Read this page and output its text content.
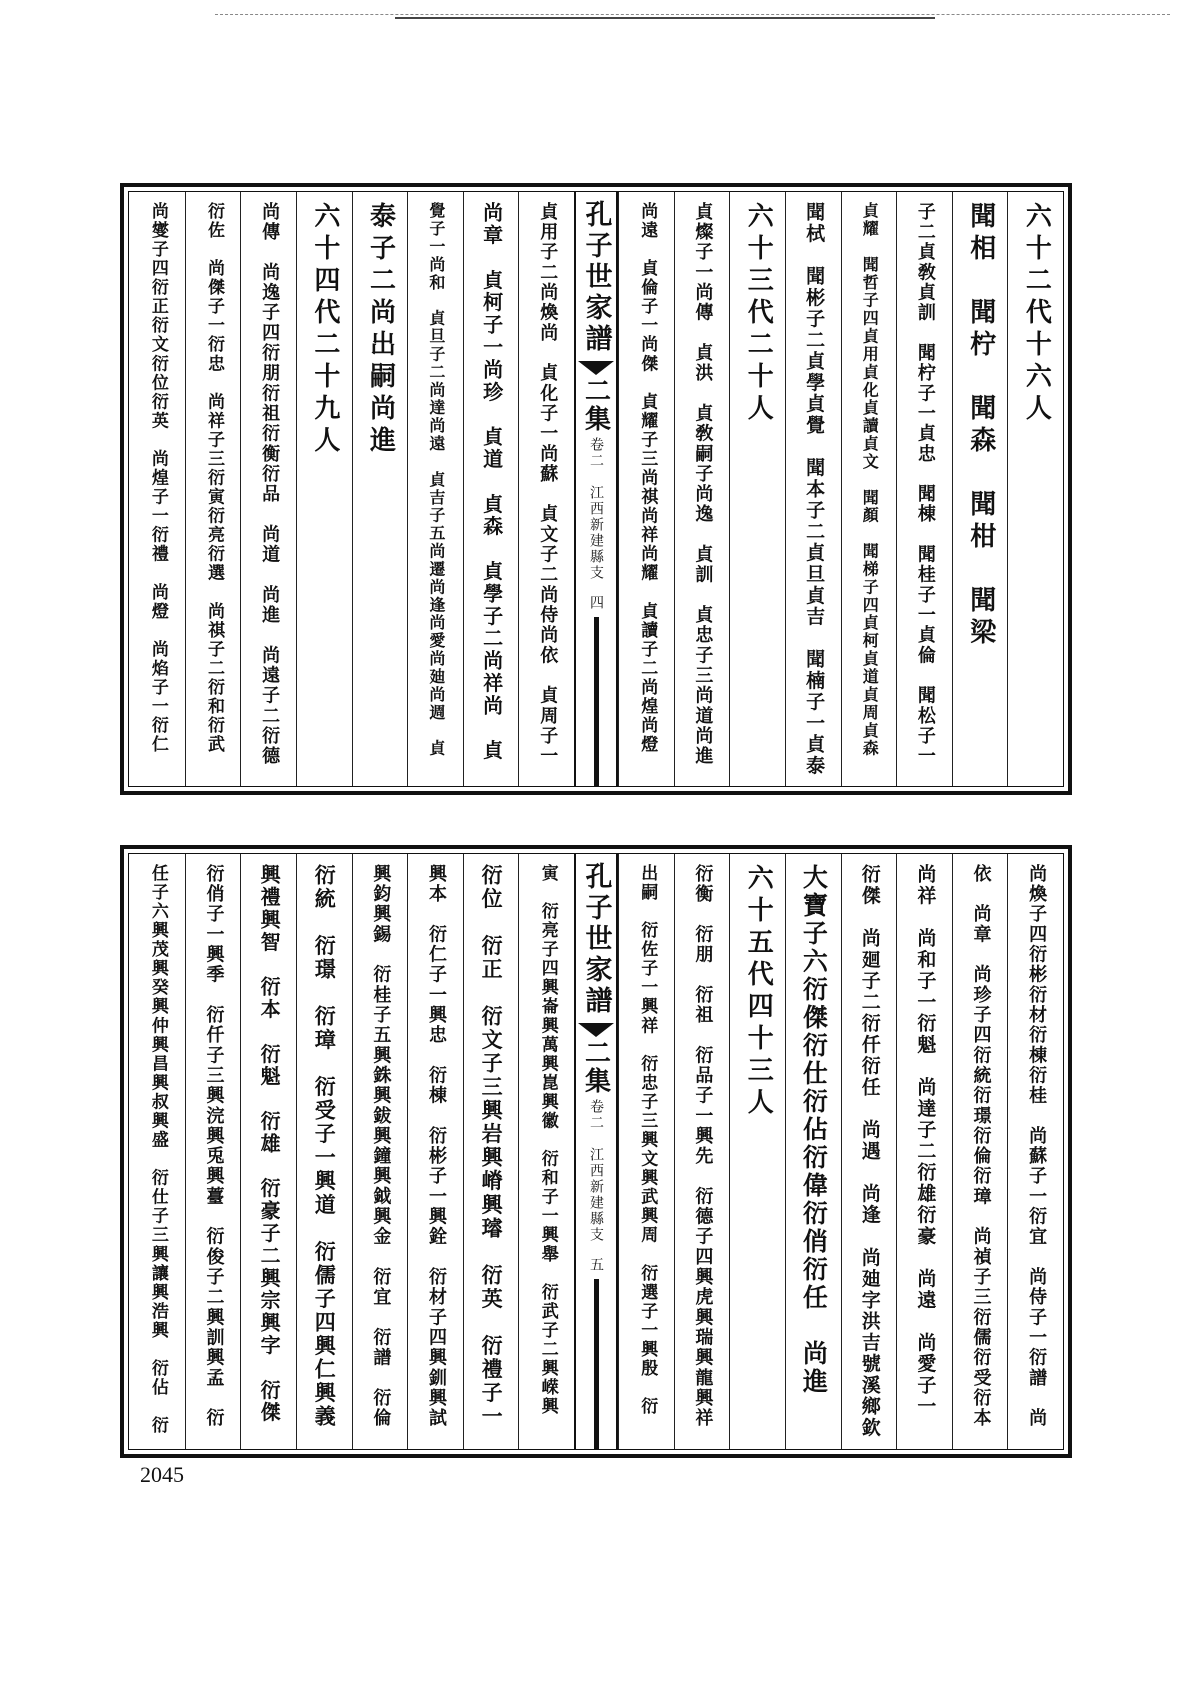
六十二代十六人
聞相　聞柠　聞森　聞柑　聞梁
子二貞敎貞訓　聞柠子一貞忠　聞棟　聞桂子一貞倫　聞松子一
貞耀　聞哲子四貞用貞化貞讀貞文　聞顏　聞梯子四貞柯貞道貞周貞森
聞栻　聞彬子二貞學貞覺　聞本子二貞旦貞吉　聞楠子一貞泰
六十三代二十人
貞燦子一尚傳　貞洪　貞敎嗣子尚逸　貞訓　貞忠子三尚道尚進
尚遠　貞倫子一尚傑　貞耀子三尚祺尚祥尚耀　貞讀子二尚煌尚燈
孔子世家譜
二集
卷二　江西新建縣支
四
貞用子二尚煥尚　貞化子一尚蘇　貞文子二尚侍尚依　貞周子一
尚章　貞柯子一尚珍　貞道　貞森　貞學子二尚祥尚　貞
覺子一尚和　貞旦子二尚達尚遠　貞吉子五尚遷尚逢尚愛尚廸尚週　貞
泰子二尚出嗣尚進
六十四代二十九人
尚傳　尚逸子四衍朋衍祖衍衡衍品　尚道　尚進　尚遠子二衍德
衍佐　尚傑子一衍忠　尚祥子三衍寅衍亮衍選　尚祺子二衍和衍武
尚燮子四衍正衍文衍位衍英　尚煌子一衍禮　尚燈　尚焰子一衍仁
尚煥子四衍彬衍材衍棟衍桂　尚蘇子一衍宜　尚侍子一衍譜　尚
依　尚章　尚珍子四衍統衍璟衍倫衍璋　尚禎子三衍儒衍受衍本
尚祥　尚和子一衍魁　尚達子二衍雄衍豪　尚遠　尚愛子一
衍傑　尚廻子二衍仟衍任　尚遇　尚逢　尚廸字洪吉號溪鄉欽
大寶子六衍傑衍仕衍佔衍偉衍俏衍任　尚進
六十五代四十三人
衍衡　衍朋　衍祖　衍品子一興先　衍德子四興虎興瑞興龍興祥
出嗣　衍佐子一興祥　衍忠子三興文興武興周　衍選子一興殷　衍
孔子世家譜
二集
卷二　江西新建縣支
五
寅　衍亮子四興崙興萬興崑興徽　衍和子一興舉　衍武子二興嵘興
衍位　衍正　衍文子三興岩興嵴興璿　衍英　衍禮子一
興本　衍仁子一興忠　衍棟　衍彬子一興銓　衍材子四興釧興試
興鈞興錫　衍桂子五興銖興鈸興鐘興鉞興金　衍宜　衍譜　衍倫
衍統　衍璟　衍璋　衍受子一興道　衍儒子四興仁興義
興禮興智　衍本　衍魁　衍雄　衍豪子二興宗興字　衍傑
衍俏子一興季　衍仟子三興浣興兎興薹　衍俊子二興訓興孟　衍
任子六興茂興癸興仲興昌興叔興盛　衍仕子三興讓興浩興　衍佔　衍
2045
